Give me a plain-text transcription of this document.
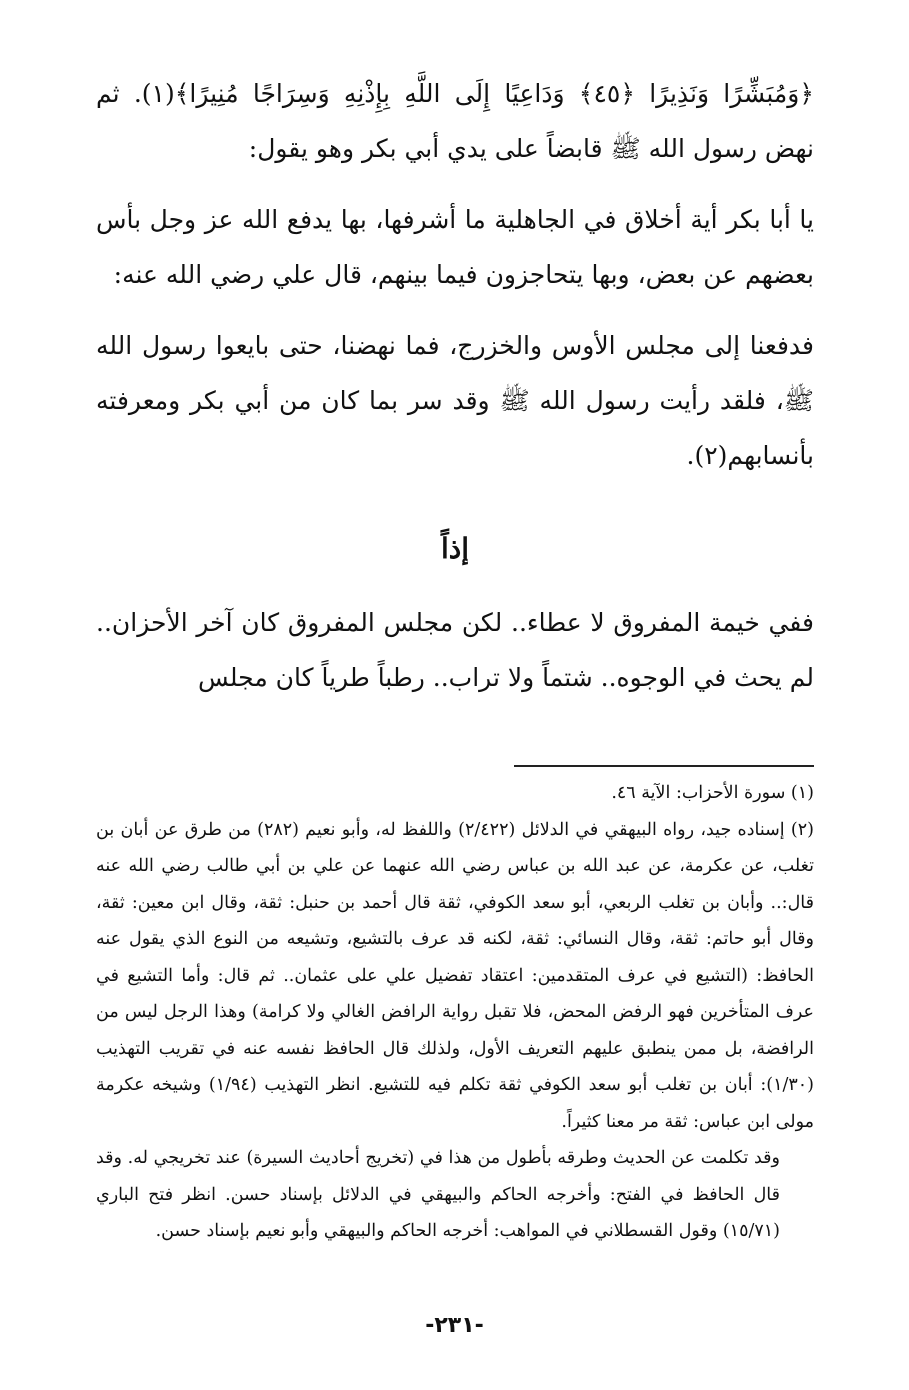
﴿وَمُبَشِّرًا وَنَذِيرًا ﴿٤٥﴾ وَدَاعِيًا إِلَى اللَّهِ بِإِذْنِهِ وَسِرَاجًا مُنِيرًا﴾(١). ثم نهض رسول الله ﷺ قابضاً على يدي أبي بكر وهو يقول:

يا أبا بكر أية أخلاق في الجاهلية ما أشرفها، بها يدفع الله عز وجل بأس بعضهم عن بعض، وبها يتحاجزون فيما بينهم، قال علي رضي الله عنه:

فدفعنا إلى مجلس الأوس والخزرج، فما نهضنا، حتى بايعوا رسول الله ﷺ، فلقد رأيت رسول الله ﷺ وقد سر بما كان من أبي بكر ومعرفته بأنسابهم(٢).

إذاً

ففي خيمة المفروق لا عطاء.. لكن مجلس المفروق كان آخر الأحزان.. لم يحث في الوجوه.. شتماً ولا تراب.. رطباً طرياً كان مجلس

(١) سورة الأحزاب: الآية ٤٦.

(٢) إسناده جيد، رواه البيهقي في الدلائل (٢/٤٢٢) واللفظ له، وأبو نعيم (٢٨٢) من طرق عن أبان بن تغلب، عن عكرمة، عن عبد الله بن عباس رضي الله عنهما عن علي بن أبي طالب رضي الله عنه قال:.. وأبان بن تغلب الربعي، أبو سعد الكوفي، ثقة قال أحمد بن حنبل: ثقة، وقال ابن معين: ثقة، وقال أبو حاتم: ثقة، وقال النسائي: ثقة، لكنه قد عرف بالتشيع، وتشيعه من النوع الذي يقول عنه الحافظ: (التشيع في عرف المتقدمين: اعتقاد تفضيل علي على عثمان.. ثم قال: وأما التشيع في عرف المتأخرين فهو الرفض المحض، فلا تقبل رواية الرافض الغالي ولا كرامة) وهذا الرجل ليس من الرافضة، بل ممن ينطبق عليهم التعريف الأول، ولذلك قال الحافظ نفسه عنه في تقريب التهذيب (١/٣٠): أبان بن تغلب أبو سعد الكوفي ثقة تكلم فيه للتشيع. انظر التهذيب (١/٩٤) وشيخه عكرمة مولى ابن عباس: ثقة مر معنا كثيراً.

وقد تكلمت عن الحديث وطرقه بأطول من هذا في (تخريج أحاديث السيرة) عند تخريجي له. وقد قال الحافظ في الفتح: وأخرجه الحاكم والبيهقي في الدلائل بإسناد حسن. انظر فتح الباري (١٥/٧١) وقول القسطلاني في المواهب: أخرجه الحاكم والبيهقي وأبو نعيم بإسناد حسن.

-٢٣١-
